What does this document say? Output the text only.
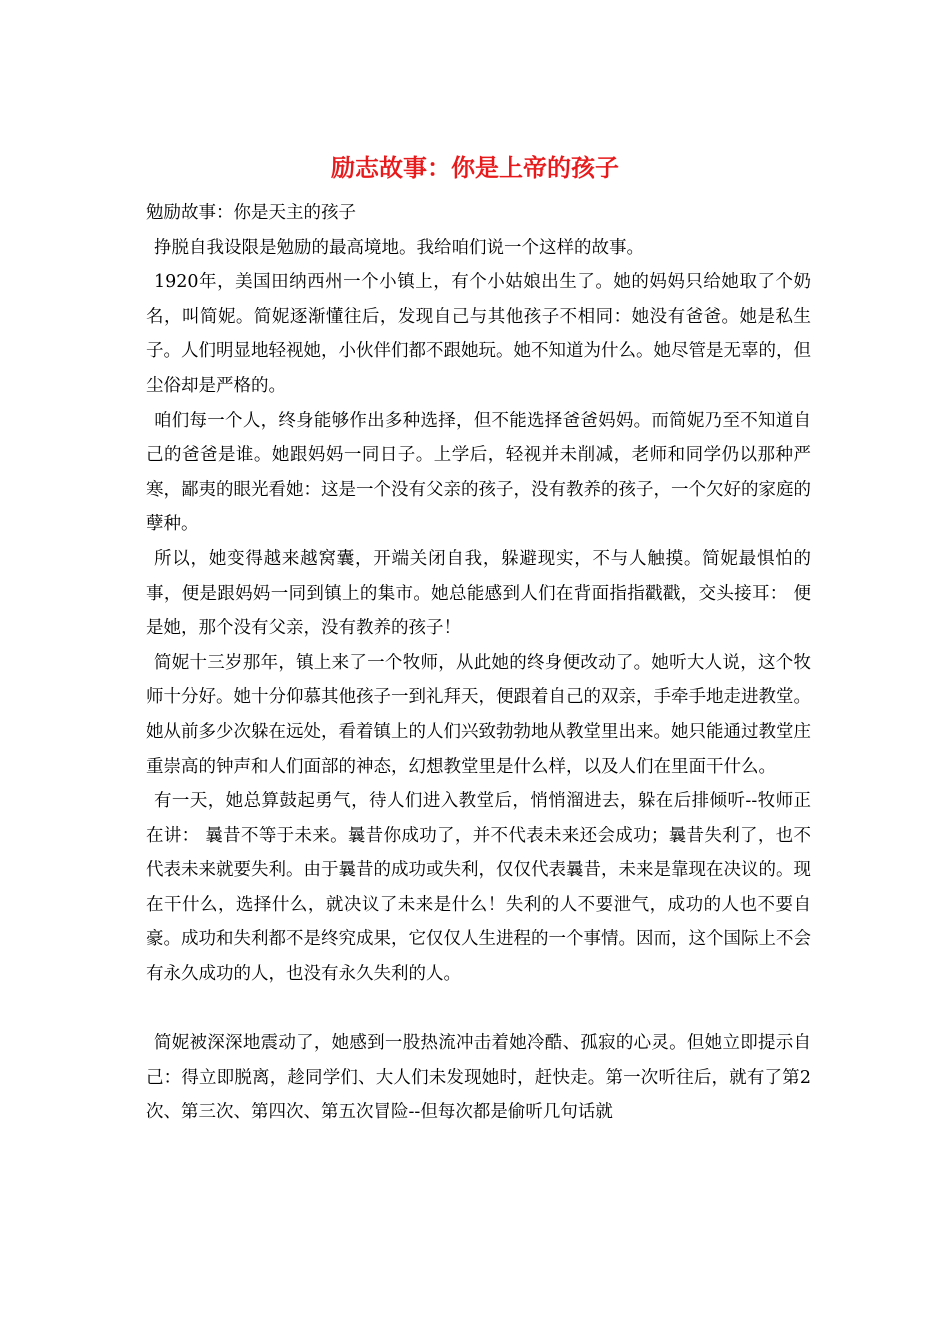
励志故事：你是上帝的孩子

勉励故事：你是天主的孩子

挣脱自我设限是勉励的最高境地。我给咱们说一个这样的故事。

1920年，美国田纳西州一个小镇上，有个小姑娘出生了。她的妈妈只给她取了个奶名，叫简妮。简妮逐渐懂往后，发现自己与其他孩子不相同：她没有爸爸。她是私生子。人们明显地轻视她，小伙伴们都不跟她玩。她不知道为什么。她尽管是无辜的，但尘俗却是严格的。

咱们每一个人，终身能够作出多种选择，但不能选择爸爸妈妈。而简妮乃至不知道自己的爸爸是谁。她跟妈妈一同日子。上学后，轻视并未削减，老师和同学仍以那种严寒，鄙夷的眼光看她：这是一个没有父亲的孩子，没有教养的孩子，一个欠好的家庭的孽种。

所以，她变得越来越窝囊，开端关闭自我，躲避现实，不与人触摸。简妮最惧怕的事，便是跟妈妈一同到镇上的集市。她总能感到人们在背面指指戳戳，交头接耳： 便是她，那个没有父亲，没有教养的孩子！

简妮十三岁那年，镇上来了一个牧师，从此她的终身便改动了。她听大人说，这个牧师十分好。她十分仰慕其他孩子一到礼拜天，便跟着自己的双亲，手牵手地走进教堂。她从前多少次躲在远处，看着镇上的人们兴致勃勃地从教堂里出来。她只能通过教堂庄重崇高的钟声和人们面部的神态，幻想教堂里是什么样，以及人们在里面干什么。

有一天，她总算鼓起勇气，待人们进入教堂后，悄悄溜进去，躲在后排倾听--牧师正在讲： 曩昔不等于未来。曩昔你成功了，并不代表未来还会成功；曩昔失利了，也不代表未来就要失利。由于曩昔的成功或失利，仅仅代表曩昔，未来是靠现在决议的。现在干什么，选择什么，就决议了未来是什么！失利的人不要泄气，成功的人也不要自豪。成功和失利都不是终究成果，它仅仅人生进程的一个事情。因而，这个国际上不会有永久成功的人，也没有永久失利的人。

简妮被深深地震动了，她感到一股热流冲击着她冷酷、孤寂的心灵。但她立即提示自己：得立即脱离，趁同学们、大人们未发现她时，赶快走。第一次听往后，就有了第2次、第三次、第四次、第五次冒险--但每次都是偷听几句话就
